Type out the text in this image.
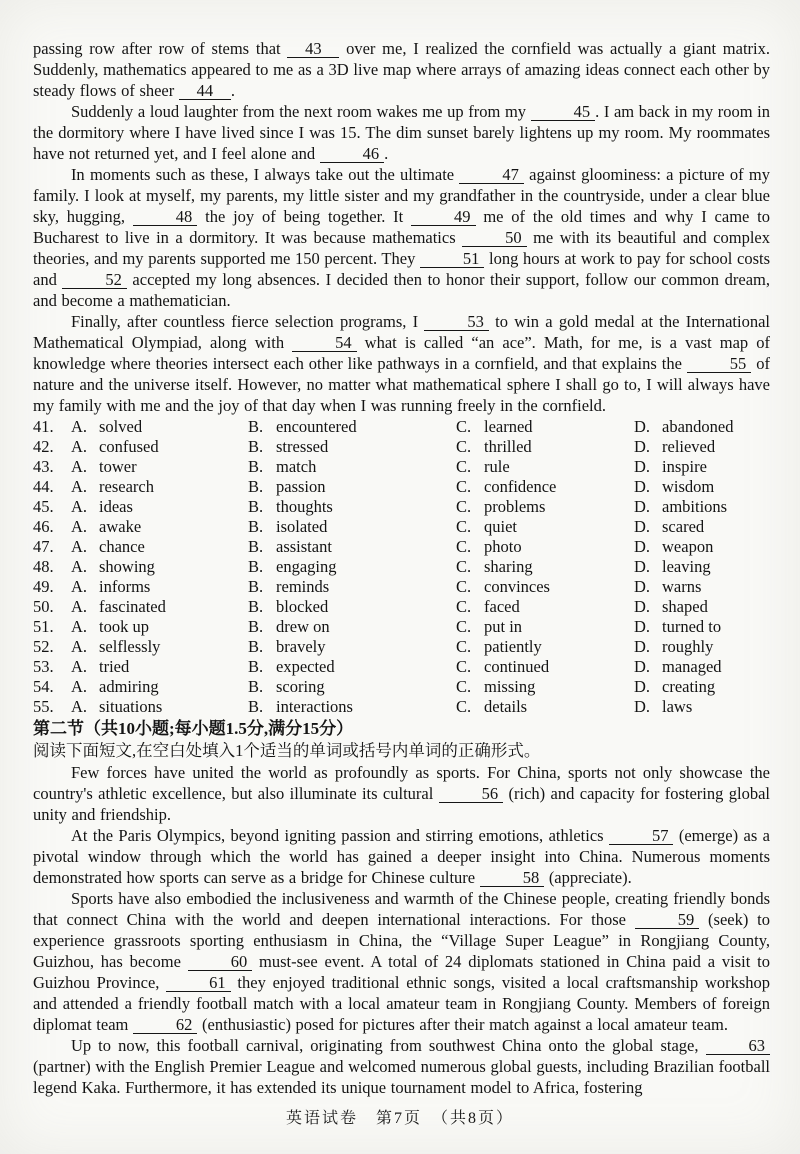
passing row after row of stems that 43 over me, I realized the cornfield was actually a giant matrix. Suddenly, mathematics appeared to me as a 3D live map where arrays of amazing ideas connect each other by steady flows of sheer 44 .

Suddenly a loud laughter from the next room wakes me up from my	45 . I am back in my room in the dormitory where I have lived since I was 15. The dim sunset barely lightens up my room. My roommates have not returned yet, and I feel alone and	46 .

In moments such as these, I always take out the ultimate	47 against gloominess: a picture of my family. I look at myself, my parents, my little sister and my grandfather in the countryside, under a clear blue sky, hugging,	48 the joy of being together. It	49 me of the old times and why I came to Bucharest to live in a dormitory. It was because mathematics	50 me with its beautiful and complex theories, and my parents supported me 150 percent. They	51 long hours at work to pay for school costs and	52 accepted my long absences. I decided then to honor their support, follow our common dream, and become a mathematician.

Finally, after countless fierce selection programs, I	53 to win a gold medal at the International Mathematical Olympiad, along with	54 what is called “an ace”. Math, for me, is a vast map of knowledge where theories intersect each other like pathways in a cornfield, and that explains the	55 of nature and the universe itself. However, no matter what mathematical sphere I shall go to, I will always have my family with me and the joy of that day when I was running freely in the cornfield.

41.	A. solved	B. encountered	C. learned	D. abandoned
42.	A. confused	B. stressed	C. thrilled	D. relieved
43.	A. tower	B. match	C. rule	D. inspire
44.	A. research	B. passion	C. confidence	D. wisdom
45.	A. ideas	B. thoughts	C. problems	D. ambitions
46.	A. awake	B. isolated	C. quiet	D. scared
47.	A. chance	B. assistant	C. photo	D. weapon
48.	A. showing	B. engaging	C. sharing	D. leaving
49.	A. informs	B. reminds	C. convinces	D. warns
50.	A. fascinated	B. blocked	C. faced	D. shaped
51.	A. took up	B. drew on	C. put in	D. turned to
52.	A. selflessly	B. bravely	C. patiently	D. roughly
53.	A. tried	B. expected	C. continued	D. managed
54.	A. admiring	B. scoring	C. missing	D. creating
55.	A. situations	B. interactions	C. details	D. laws
第二节（共10小题;每小题1.5分,满分15分）
阅读下面短文,在空白处填入1个适当的单词或括号内单词的正确形式。

Few forces have united the world as profoundly as sports. For China, sports not only showcase the country's athletic excellence, but also illuminate its cultural	56 (rich) and capacity for fostering global unity and friendship.

At the Paris Olympics, beyond igniting passion and stirring emotions, athletics	57 (emerge) as a pivotal window through which the world has gained a deeper insight into China. Numerous moments demonstrated how sports can serve as a bridge for Chinese culture	58 (appreciate).

Sports have also embodied the inclusiveness and warmth of the Chinese people, creating friendly bonds that connect China with the world and deepen international interactions. For those	59 (seek) to experience grassroots sporting enthusiasm in China, the “Village Super League” in Rongjiang County, Guizhou, has become	60 must-see event. A total of 24 diplomats stationed in China paid a visit to Guizhou Province,	61 they enjoyed traditional ethnic songs, visited a local craftsmanship workshop and attended a friendly football match with a local amateur team in Rongjiang County. Members of foreign diplomat team	62 (enthusiastic) posed for pictures after their match against a local amateur team.

Up to now, this football carnival, originating from southwest China onto the global stage,	63 (partner) with the English Premier League and welcomed numerous global guests, including Brazilian football legend Kaka. Furthermore, it has extended its unique tournament model to Africa, fostering

英语试卷　第7页　（共8页）
